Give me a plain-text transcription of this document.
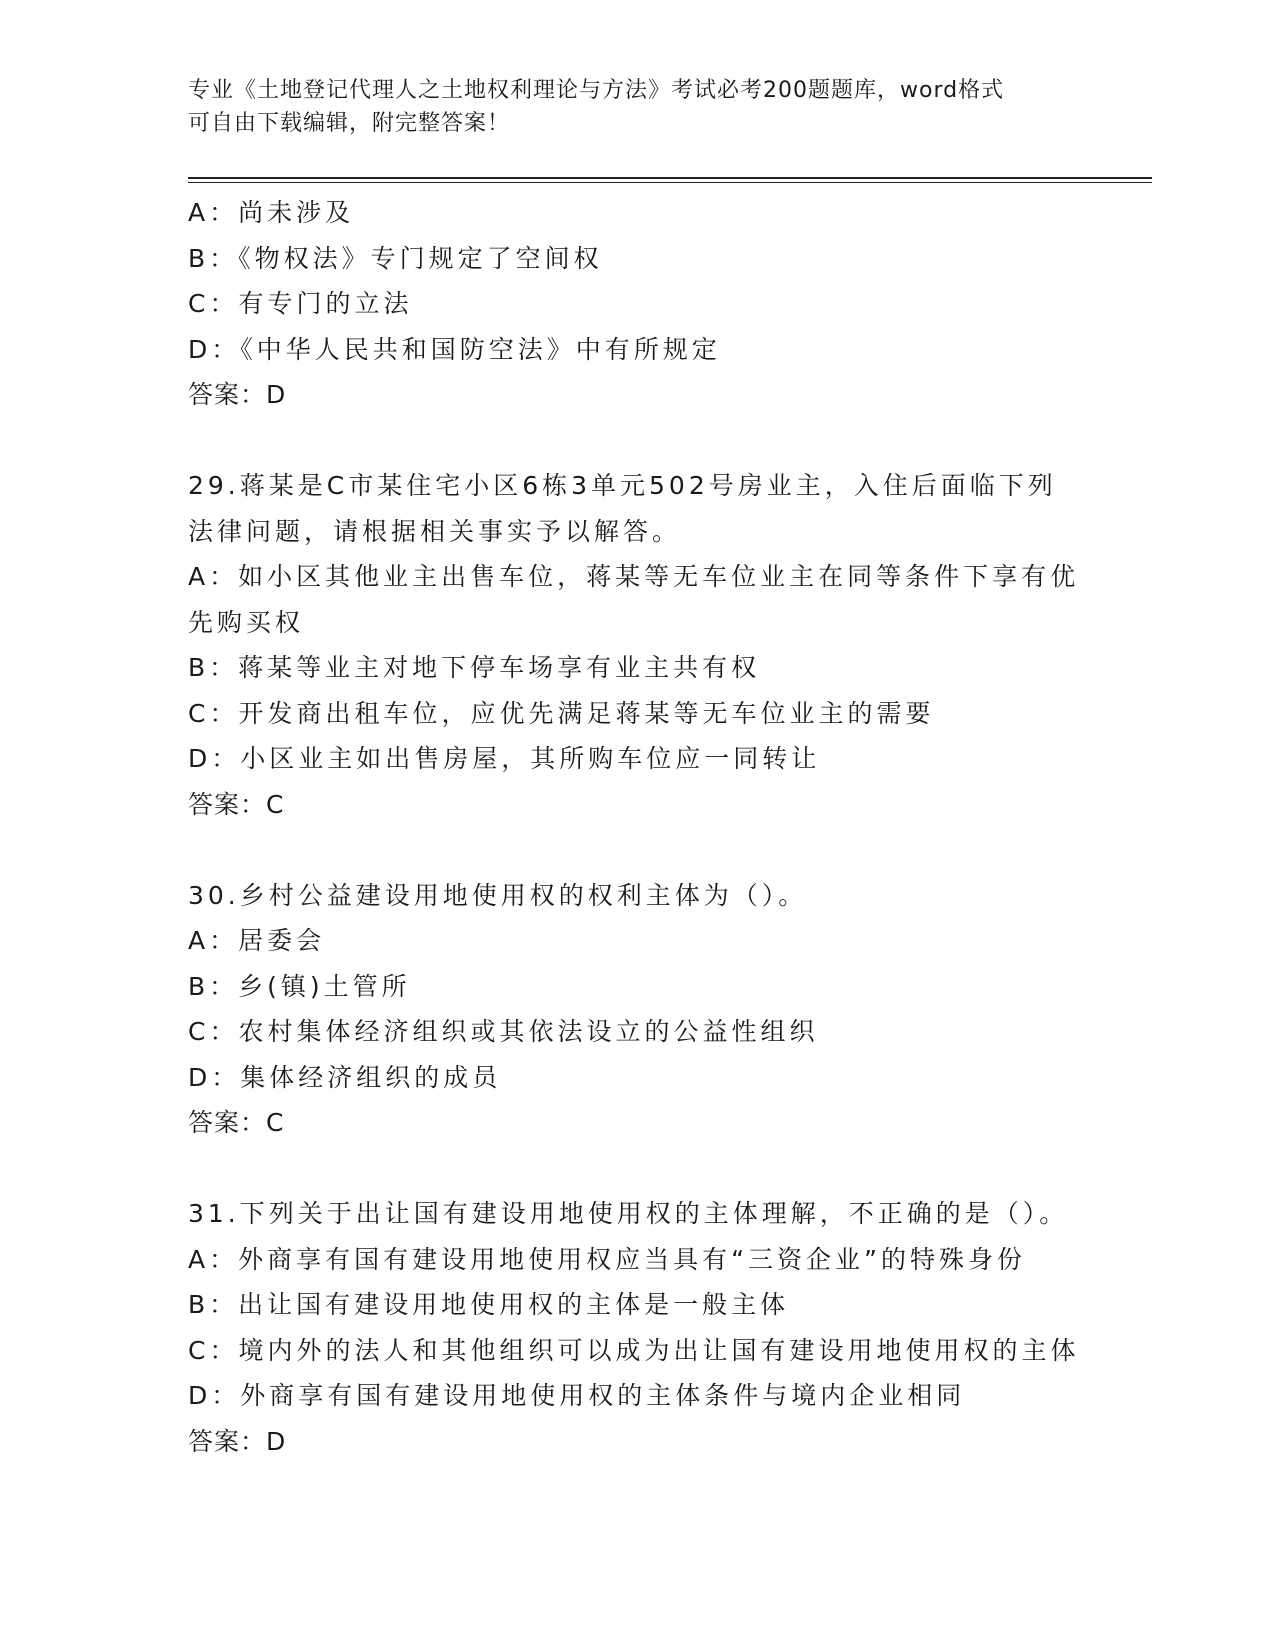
专业《土地登记代理人之土地权利理论与方法》考试必考200题题库，word格式
可自由下载编辑，附完整答案！
A：尚未涉及
B：《物权法》专门规定了空间权
C：有专门的立法
D：《中华人民共和国防空法》中有所规定
答案：D
29.蒋某是C市某住宅小区6栋3单元502号房业主，入住后面临下列
法律问题，请根据相关事实予以解答。
A：如小区其他业主出售车位，蒋某等无车位业主在同等条件下享有优
先购买权
B：蒋某等业主对地下停车场享有业主共有权
C：开发商出租车位，应优先满足蒋某等无车位业主的需要
D：小区业主如出售房屋，其所购车位应一同转让
答案：C
30.乡村公益建设用地使用权的权利主体为（）。
A：居委会
B：乡(镇)土管所
C：农村集体经济组织或其依法设立的公益性组织
D：集体经济组织的成员
答案：C
31.下列关于出让国有建设用地使用权的主体理解，不正确的是（）。
A：外商享有国有建设用地使用权应当具有“三资企业”的特殊身份
B：出让国有建设用地使用权的主体是一般主体
C：境内外的法人和其他组织可以成为出让国有建设用地使用权的主体
D：外商享有国有建设用地使用权的主体条件与境内企业相同
答案：D
